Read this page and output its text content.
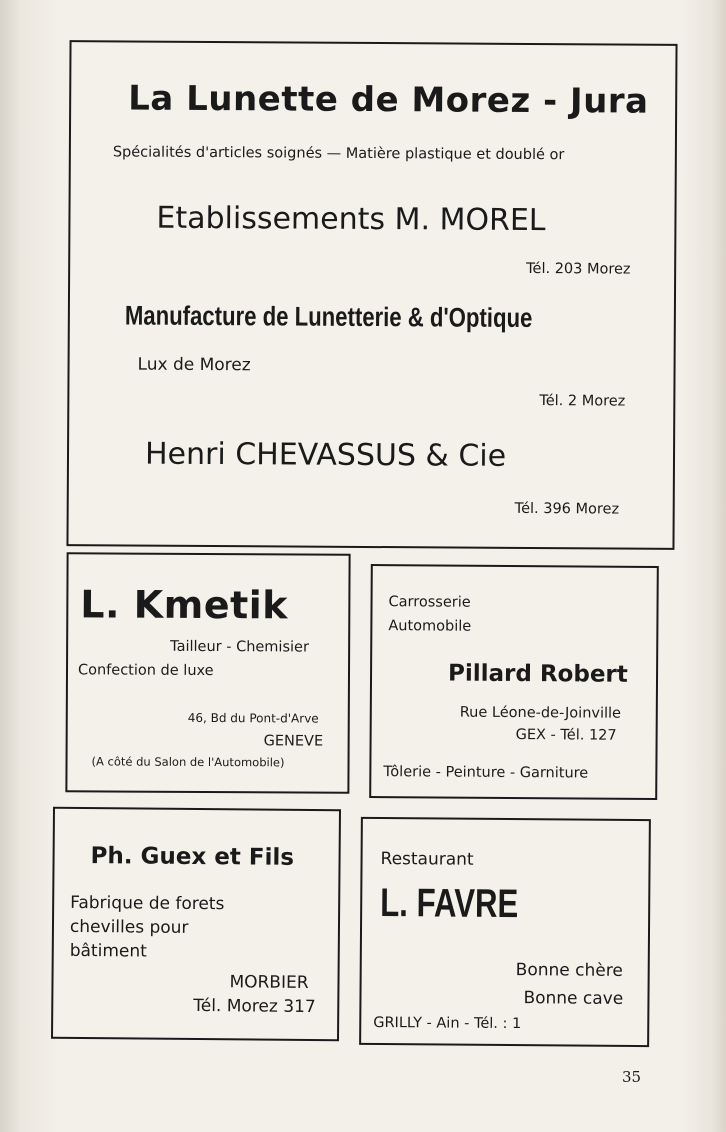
La Lunette de Morez - Jura
Spécialités d'articles soignés — Matière plastique et doublé or
Etablissements M. MOREL
Tél. 203 Morez
Manufacture de Lunetterie & d'Optique
Lux de Morez
Tél. 2 Morez
Henri CHEVASSUS & Cie
Tél. 396 Morez
L. Kmetik
Tailleur - Chemisier
Confection de luxe
46, Bd du Pont-d'Arve
GENEVE
(A côté du Salon de l'Automobile)
Carrosserie
Automobile
Pillard Robert
Rue Léone-de-Joinville
GEX - Tél. 127
Tôlerie - Peinture - Garniture
Ph. Guex et Fils
Fabrique de forets
chevilles pour
bâtiment
MORBIER
Tél. Morez 317
Restaurant
L. FAVRE
Bonne chère
Bonne cave
GRILLY - Ain - Tél. : 1
35
